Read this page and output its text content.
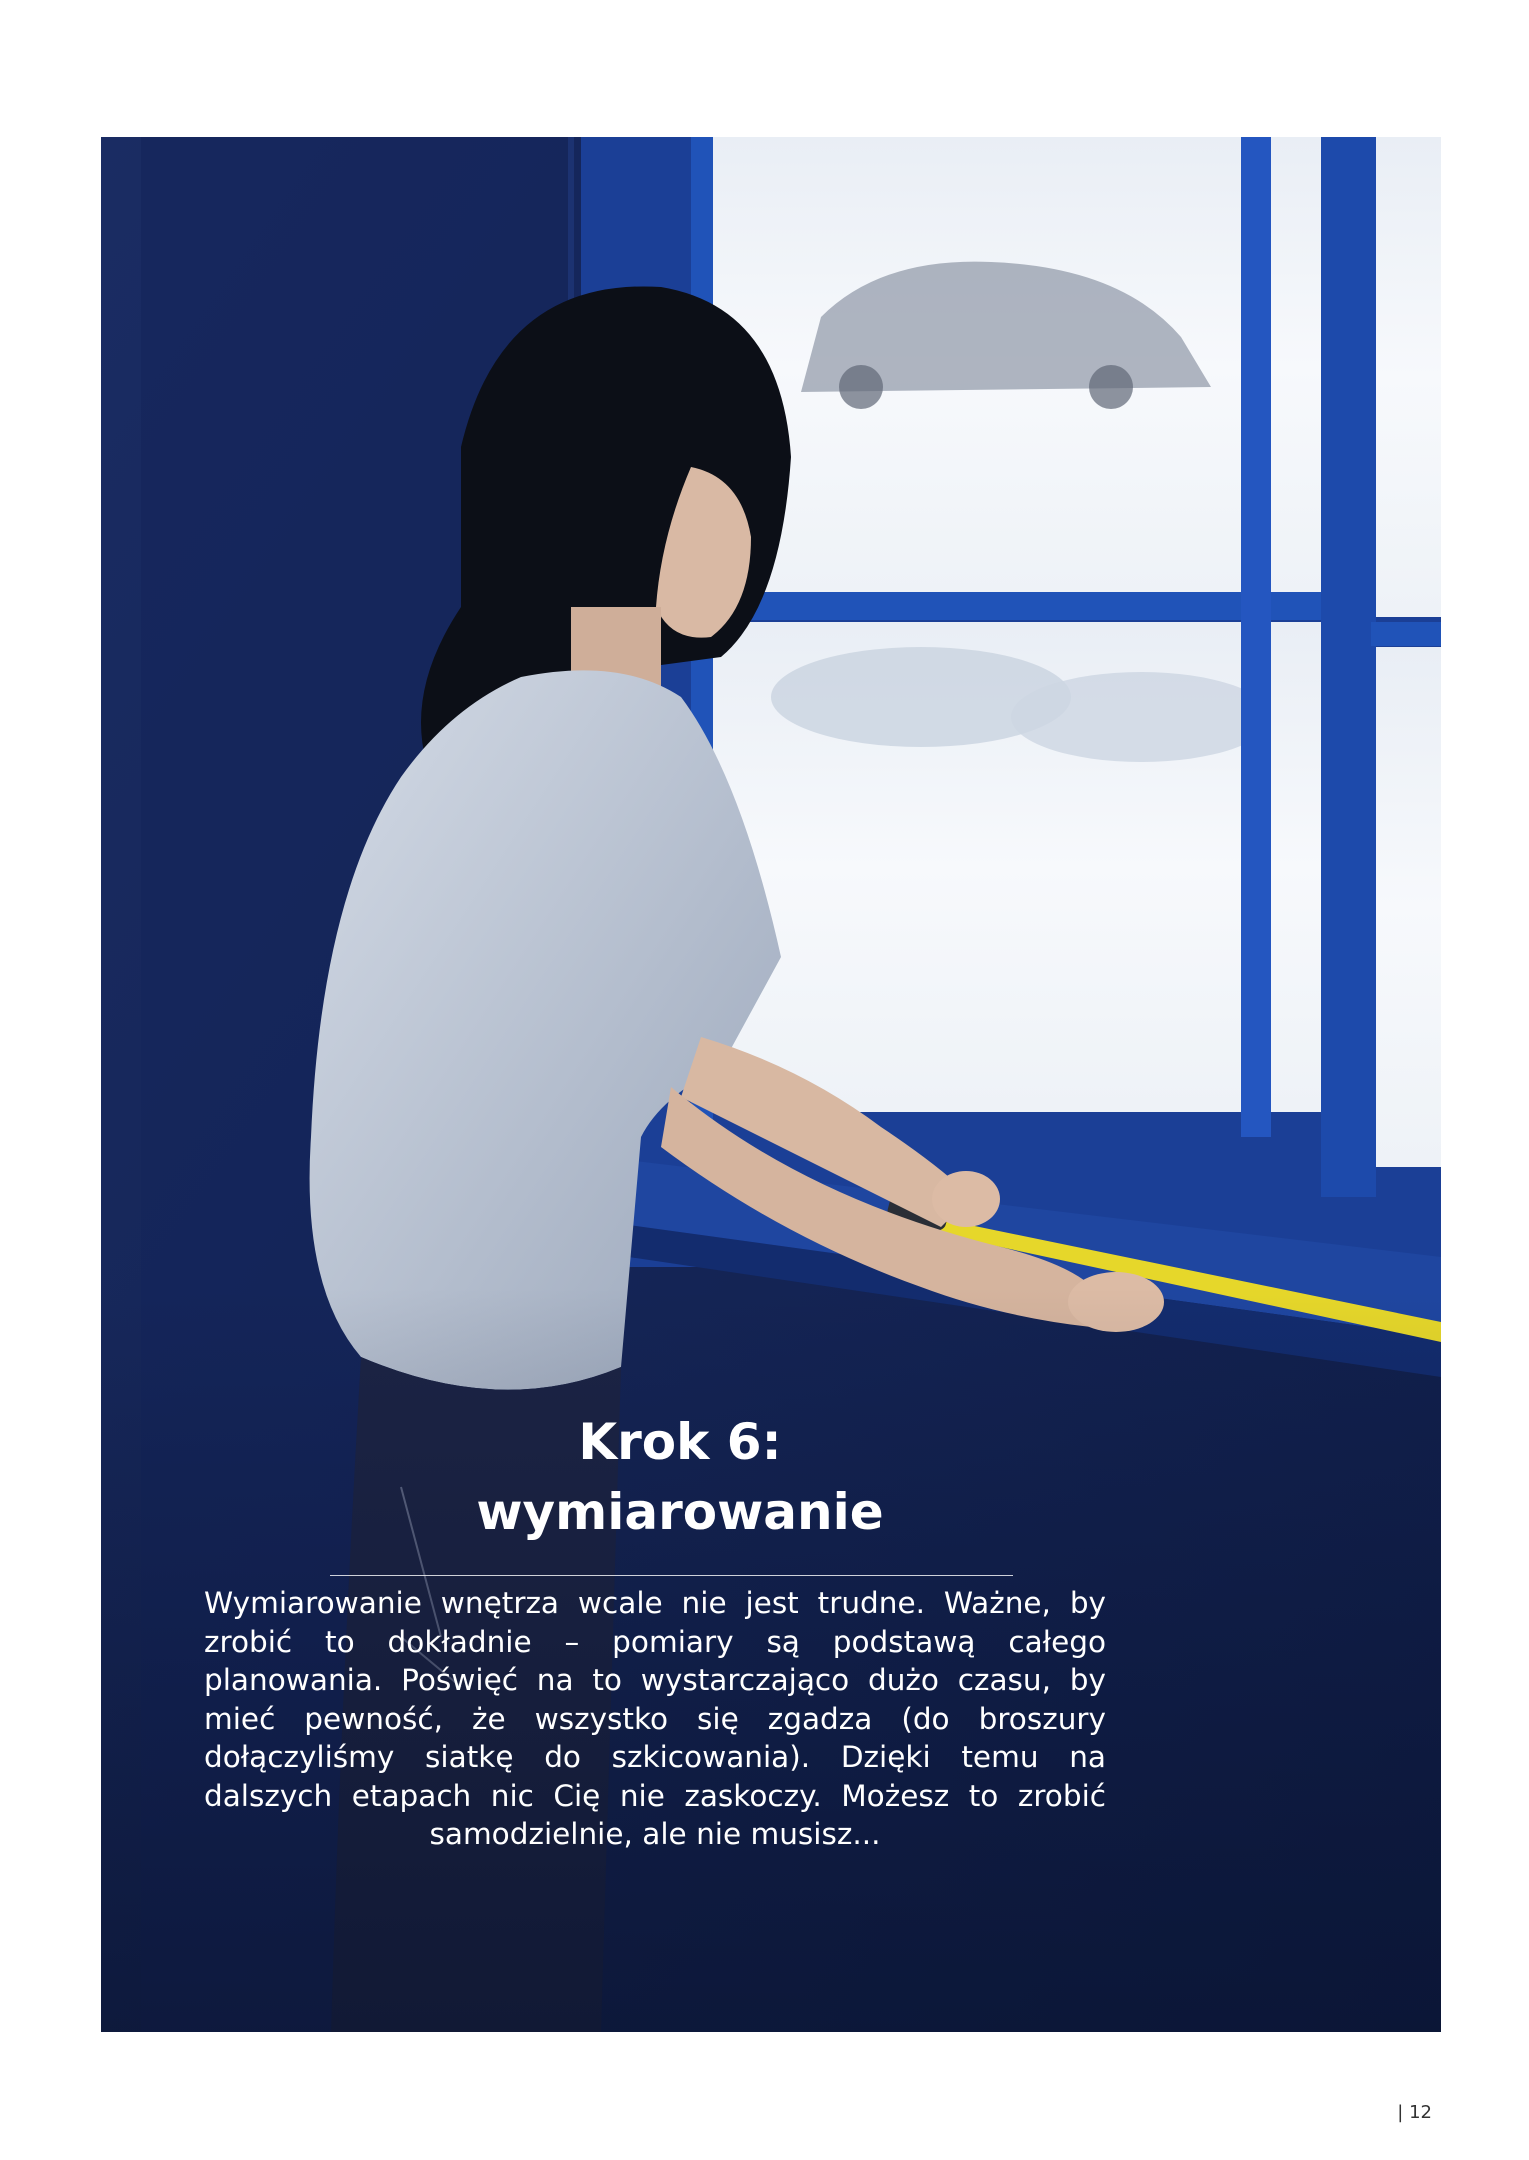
Krok 6:
wymiarowanie

Wymiarowanie wnętrza wcale nie jest trudne. Ważne, by zrobić to dokładnie – pomiary są podstawą całego planowania. Poświęć na to wystarczająco dużo czasu, by mieć pewność, że wszystko się zgadza (do broszury dołączyliśmy siatkę do szkicowania). Dzięki temu na dalszych etapach nic Cię nie zaskoczy. Możesz to zrobić samodzielnie, ale nie musisz...

| 12
